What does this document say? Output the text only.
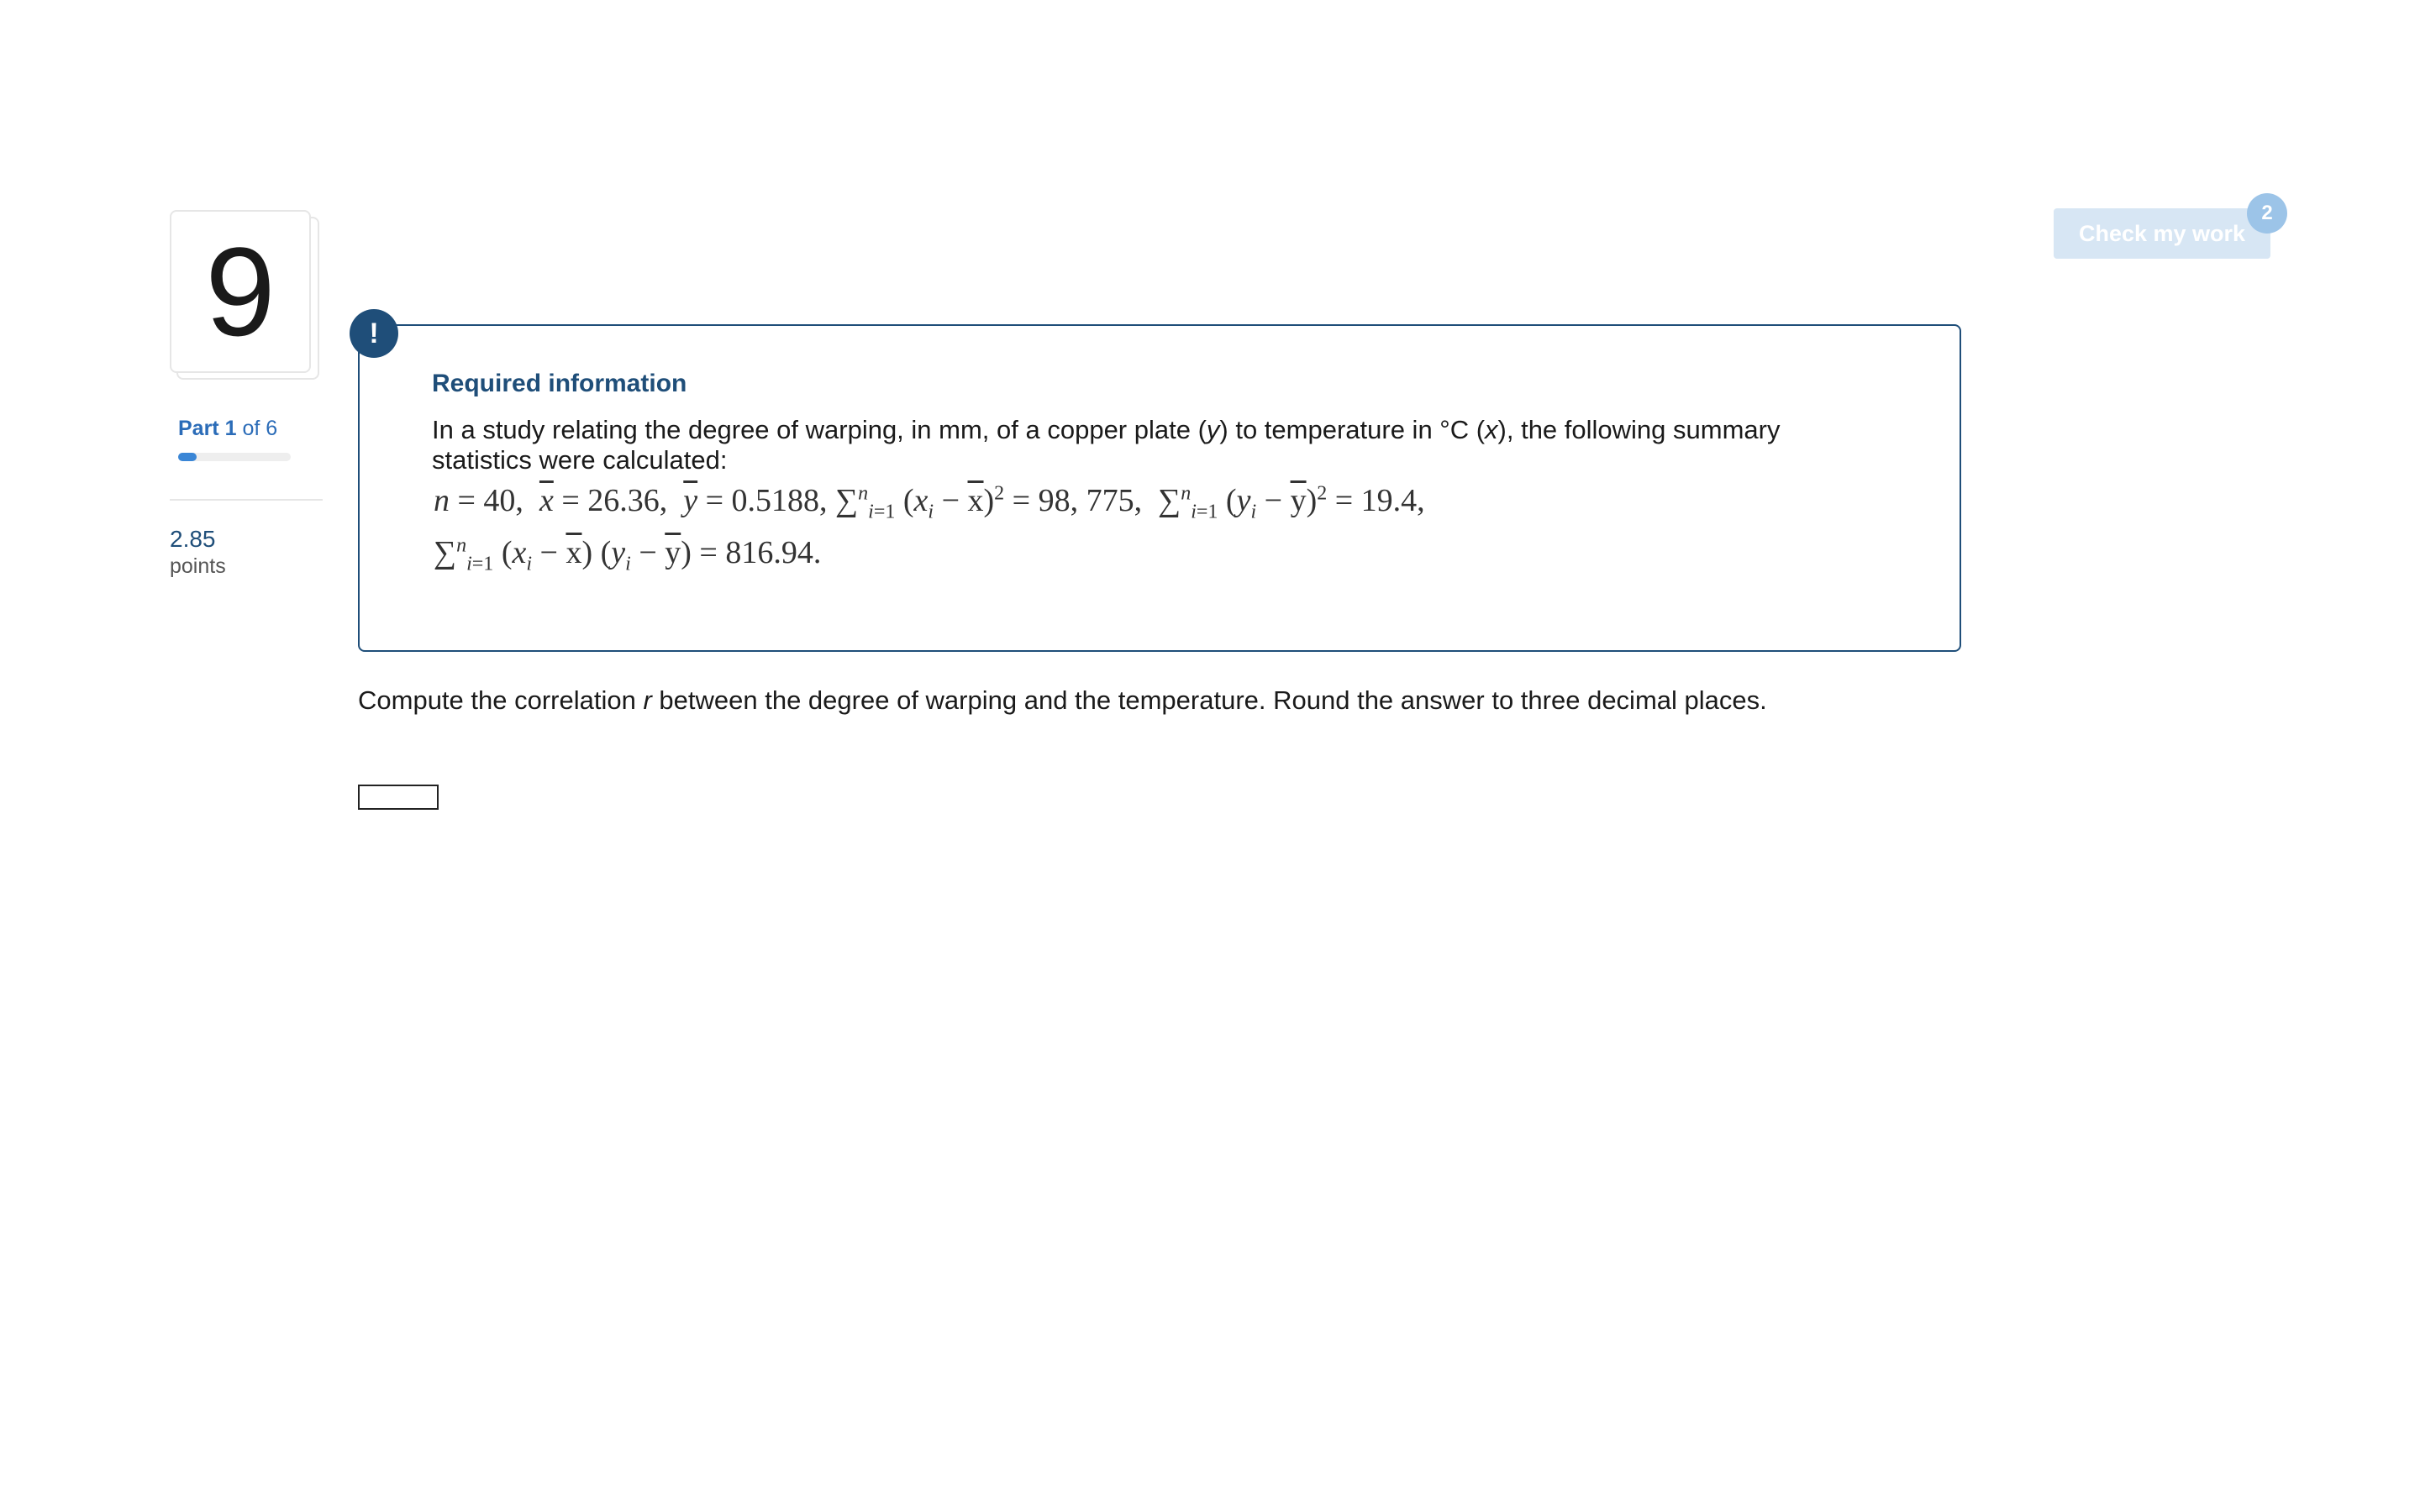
9
Part 1 of 6
2.85
points
Check my work
2
!
Required information
In a study relating the degree of warping, in mm, of a copper plate (y) to temperature in °C (x), the following summary statistics were calculated:
n = 40, $\overline{x} = 26.36$, $\overline{y} = 0.5188$, ∑$^n_{i=1}$ $(x_i - \overline{x})^2 = 98$, 775, ∑$^n_{i=1}$ $(y_i - \overline{y})^2 = 19.4$,
∑$^n_{i=1}$ $(x_i - \overline{x}) (y_i - \overline{y}) = 816.94$.
Compute the correlation r between the degree of warping and the temperature. Round the answer to three decimal places.
